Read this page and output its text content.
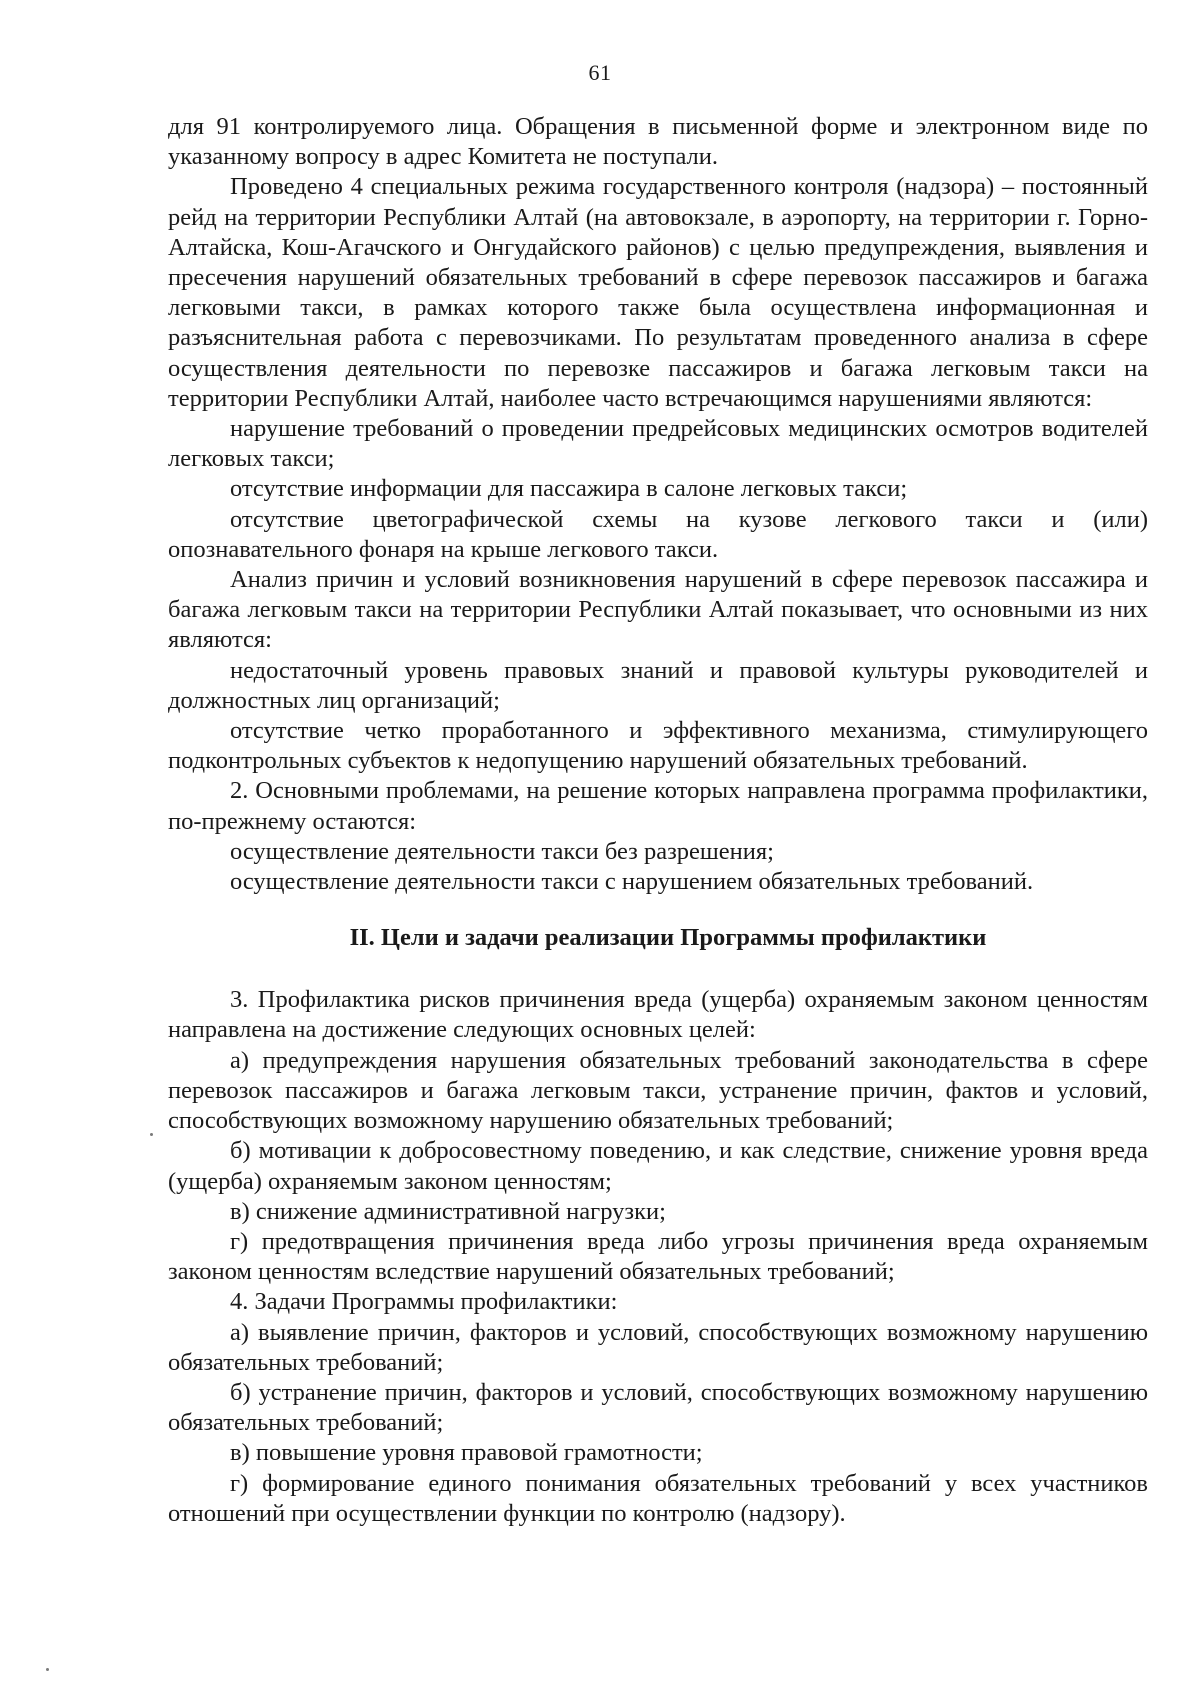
61

для 91 контролируемого лица. Обращения в письменной форме и электронном виде по указанному вопросу в адрес Комитета не поступали.

Проведено 4 специальных режима государственного контроля (надзора) – постоянный рейд на территории Республики Алтай (на автовокзале, в аэропорту, на территории г. Горно-Алтайска, Кош-Агачского и Онгудайского районов) с целью предупреждения, выявления и пресечения нарушений обязательных требований в сфере перевозок пассажиров и багажа легковыми такси, в рамках которого также была осуществлена информационная и разъяснительная работа с перевозчиками. По результатам проведенного анализа в сфере осуществления деятельности по перевозке пассажиров и багажа легковым такси на территории Республики Алтай, наиболее часто встречающимся нарушениями являются:

нарушение требований о проведении предрейсовых медицинских осмотров водителей легковых такси;

отсутствие информации для пассажира в салоне легковых такси;

отсутствие цветографической схемы на кузове легкового такси и (или) опознавательного фонаря на крыше легкового такси.

Анализ причин и условий возникновения нарушений в сфере перевозок пассажира и багажа легковым такси на территории Республики Алтай показывает, что основными из них являются:

недостаточный уровень правовых знаний и правовой культуры руководителей и должностных лиц организаций;

отсутствие четко проработанного и эффективного механизма, стимулирующего подконтрольных субъектов к недопущению нарушений обязательных требований.

2. Основными проблемами, на решение которых направлена программа профилактики, по-прежнему остаются:

осуществление деятельности такси без разрешения;

осуществление деятельности такси с нарушением обязательных требований.

II. Цели и задачи реализации Программы профилактики

3. Профилактика рисков причинения вреда (ущерба) охраняемым законом ценностям направлена на достижение следующих основных целей:

а) предупреждения нарушения обязательных требований законодательства в сфере перевозок пассажиров и багажа легковым такси, устранение причин, фактов и условий, способствующих возможному нарушению обязательных требований;

б) мотивации к добросовестному поведению, и как следствие, снижение уровня вреда (ущерба) охраняемым законом ценностям;

в) снижение административной нагрузки;

г) предотвращения причинения вреда либо угрозы причинения вреда охраняемым законом ценностям вследствие нарушений обязательных требований;

4. Задачи Программы профилактики:

а) выявление причин, факторов и условий, способствующих возможному нарушению обязательных требований;

б) устранение причин, факторов и условий, способствующих возможному нарушению обязательных требований;

в) повышение уровня правовой грамотности;

г) формирование единого понимания обязательных требований у всех участников отношений при осуществлении функции по контролю (надзору).
